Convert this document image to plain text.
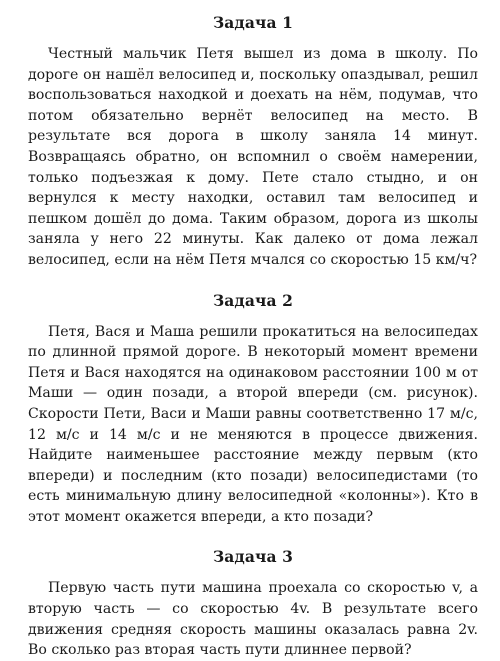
Задача 1

Честный мальчик Петя вышел из дома в школу. По дороге он нашёл велосипед и, поскольку опаздывал, решил воспользоваться находкой и доехать на нём, подумав, что потом обязательно вернёт велосипед на место. В результате вся дорога в школу заняла 14 минут. Возвращаясь обратно, он вспомнил о своём намерении, только подъезжая к дому. Пете стало стыдно, и он вернулся к месту находки, оставил там велосипед и пешком дошёл до дома. Таким образом, дорога из школы заняла у него 22 минуты. Как далеко от дома лежал велосипед, если на нём Петя мчался со скоростью 15 км/ч?

Задача 2

Петя, Вася и Маша решили прокатиться на велосипедах по длинной прямой дороге. В некоторый момент времени Петя и Вася находятся на одинаковом расстоянии 100 м от Маши — один позади, а второй впереди (см. рисунок). Скорости Пети, Васи и Маши равны соответственно 17 м/с, 12 м/с и 14 м/с и не меняются в процессе движения. Найдите наименьшее расстояние между первым (кто впереди) и последним (кто позади) велосипедистами (то есть минимальную длину велосипедной «колонны»). Кто в этот момент окажется впереди, а кто позади?

Задача 3

Первую часть пути машина проехала со скоростью v, а вторую часть — со скоростью 4v. В результате всего движения средняя скорость машины оказалась равна 2v. Во сколько раз вторая часть пути длиннее первой?
